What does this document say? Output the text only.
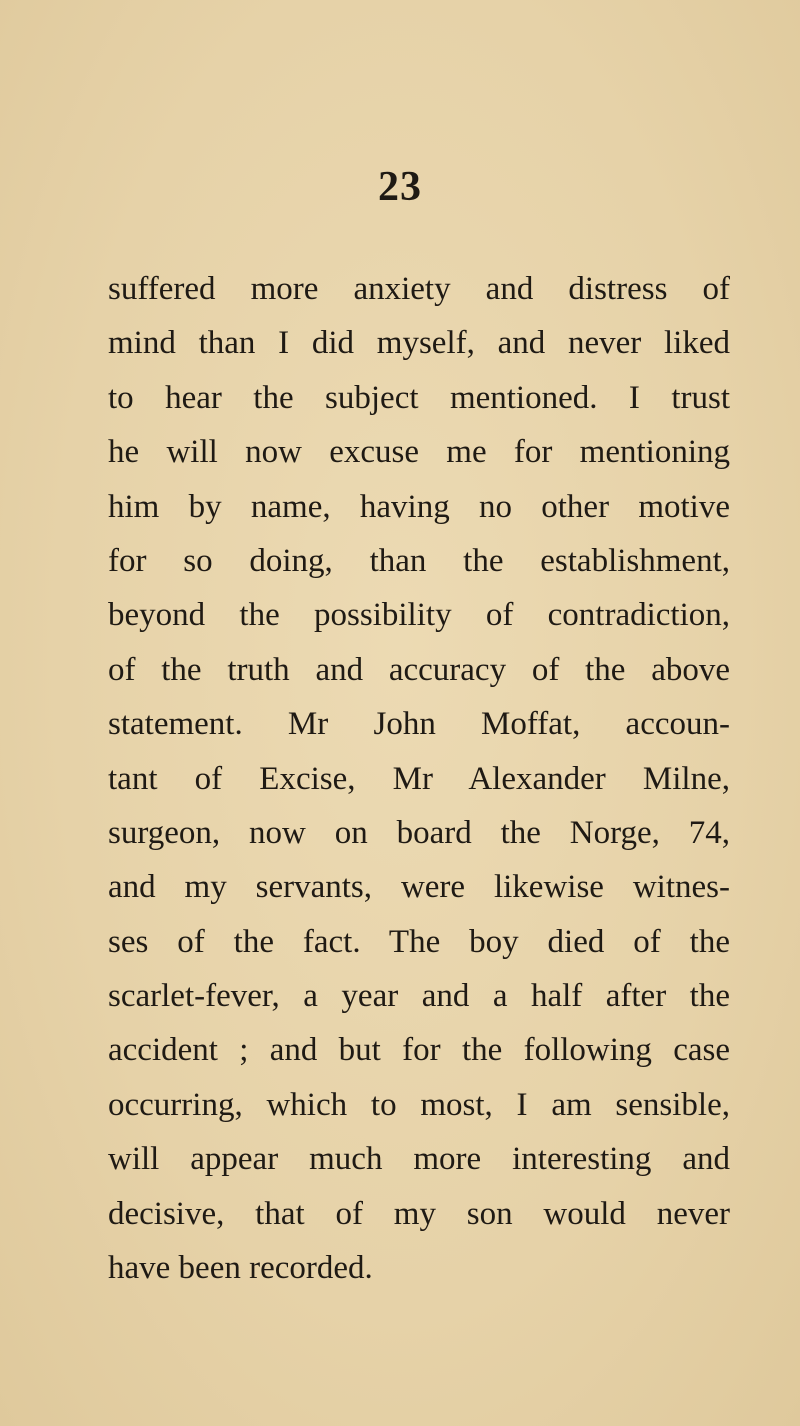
23
suffered more anxiety and distress of
mind than I did myself, and never liked
to hear the subject mentioned. I trust
he will now excuse me for mentioning
him by name, having no other motive
for so doing, than the establishment,
beyond the possibility of contradiction,
of the truth and accuracy of the above
statement. Mr John Moffat, accoun-
tant of Excise, Mr Alexander Milne,
surgeon, now on board the Norge, 74,
and my servants, were likewise witnes-
ses of the fact. The boy died of the
scarlet-fever, a year and a half after the
accident ; and but for the following case
occurring, which to most, I am sensible,
will appear much more interesting and
decisive, that of my son would never
have been recorded.
